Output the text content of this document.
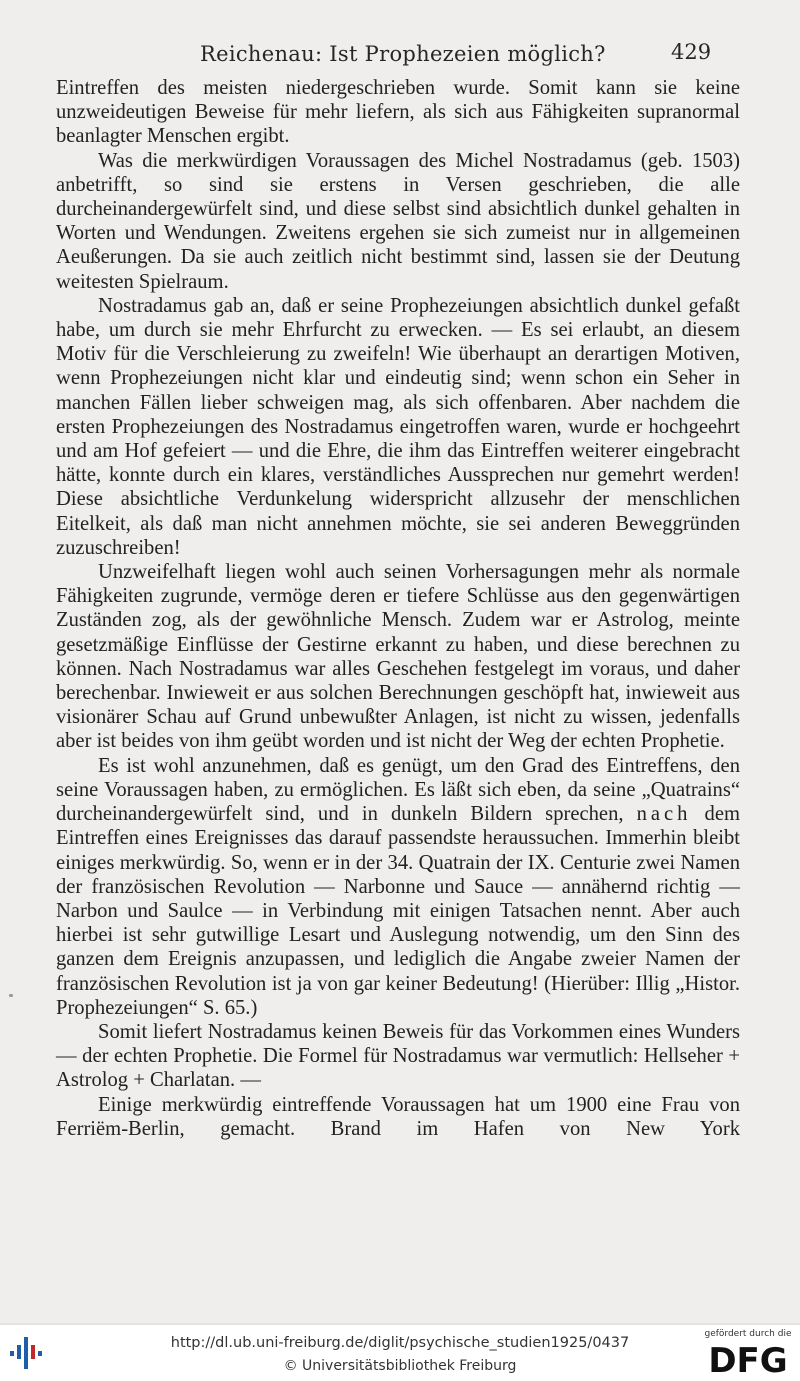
Reichenau: Ist Prophezeien möglich?	429

Eintreffen des meisten niedergeschrieben wurde. Somit kann sie keine unzweideutigen Beweise für mehr liefern, als sich aus Fähigkeiten supranormal beanlagter Menschen ergibt.

Was die merkwürdigen Voraussagen des Michel Nostradamus (geb. 1503) anbetrifft, so sind sie erstens in Versen geschrieben, die alle durcheinandergewürfelt sind, und diese selbst sind absichtlich dunkel gehalten in Worten und Wendungen. Zweitens ergehen sie sich zumeist nur in allgemeinen Aeußerungen. Da sie auch zeitlich nicht bestimmt sind, lassen sie der Deutung weitesten Spielraum.

Nostradamus gab an, daß er seine Prophezeiungen absichtlich dunkel gefaßt habe, um durch sie mehr Ehrfurcht zu erwecken. — Es sei erlaubt, an diesem Motiv für die Verschleierung zu zweifeln! Wie überhaupt an derartigen Motiven, wenn Prophezeiungen nicht klar und eindeutig sind; wenn schon ein Seher in manchen Fällen lieber schweigen mag, als sich offenbaren. Aber nachdem die ersten Prophezeiungen des Nostradamus eingetroffen waren, wurde er hochgeehrt und am Hof gefeiert — und die Ehre, die ihm das Eintreffen weiterer eingebracht hätte, konnte durch ein klares, verständliches Aussprechen nur gemehrt werden! Diese absichtliche Verdunkelung widerspricht allzusehr der menschlichen Eitelkeit, als daß man nicht annehmen möchte, sie sei anderen Beweggründen zuzuschreiben!

Unzweifelhaft liegen wohl auch seinen Vorhersagungen mehr als normale Fähigkeiten zugrunde, vermöge deren er tiefere Schlüsse aus den gegenwärtigen Zuständen zog, als der gewöhnliche Mensch. Zudem war er Astrolog, meinte gesetzmäßige Einflüsse der Gestirne erkannt zu haben, und diese berechnen zu können. Nach Nostradamus war alles Geschehen festgelegt im voraus, und daher berechenbar. Inwieweit er aus solchen Berechnungen geschöpft hat, inwieweit aus visionärer Schau auf Grund unbewußter Anlagen, ist nicht zu wissen, jedenfalls aber ist beides von ihm geübt worden und ist nicht der Weg der echten Prophetie.

Es ist wohl anzunehmen, daß es genügt, um den Grad des Eintreffens, den seine Voraussagen haben, zu ermöglichen. Es läßt sich eben, da seine „Quatrains“ durcheinandergewürfelt sind, und in dunkeln Bildern sprechen, nach dem Eintreffen eines Ereignisses das darauf passendste heraussuchen. Immerhin bleibt einiges merkwürdig. So, wenn er in der 34. Quatrain der IX. Centurie zwei Namen der französischen Revolution — Narbonne und Sauce — annähernd richtig — Narbon und Saulce — in Verbindung mit einigen Tatsachen nennt. Aber auch hierbei ist sehr gutwillige Lesart und Auslegung notwendig, um den Sinn des ganzen dem Ereignis anzupassen, und lediglich die Angabe zweier Namen der französischen Revolution ist ja von gar keiner Bedeutung! (Hierüber: Illig „Histor. Prophezeiungen“ S. 65.)

Somit liefert Nostradamus keinen Beweis für das Vorkommen eines Wunders — der echten Prophetie. Die Formel für Nostradamus war vermutlich: Hellseher + Astrolog + Charlatan. —

Einige merkwürdig eintreffende Voraussagen hat um 1900 eine Frau von Ferriëm-Berlin, gemacht. Brand im Hafen von New York

http://dl.ub.uni-freiburg.de/diglit/psychische_studien1925/0437
© Universitätsbibliothek Freiburg
gefördert durch die
DFG
